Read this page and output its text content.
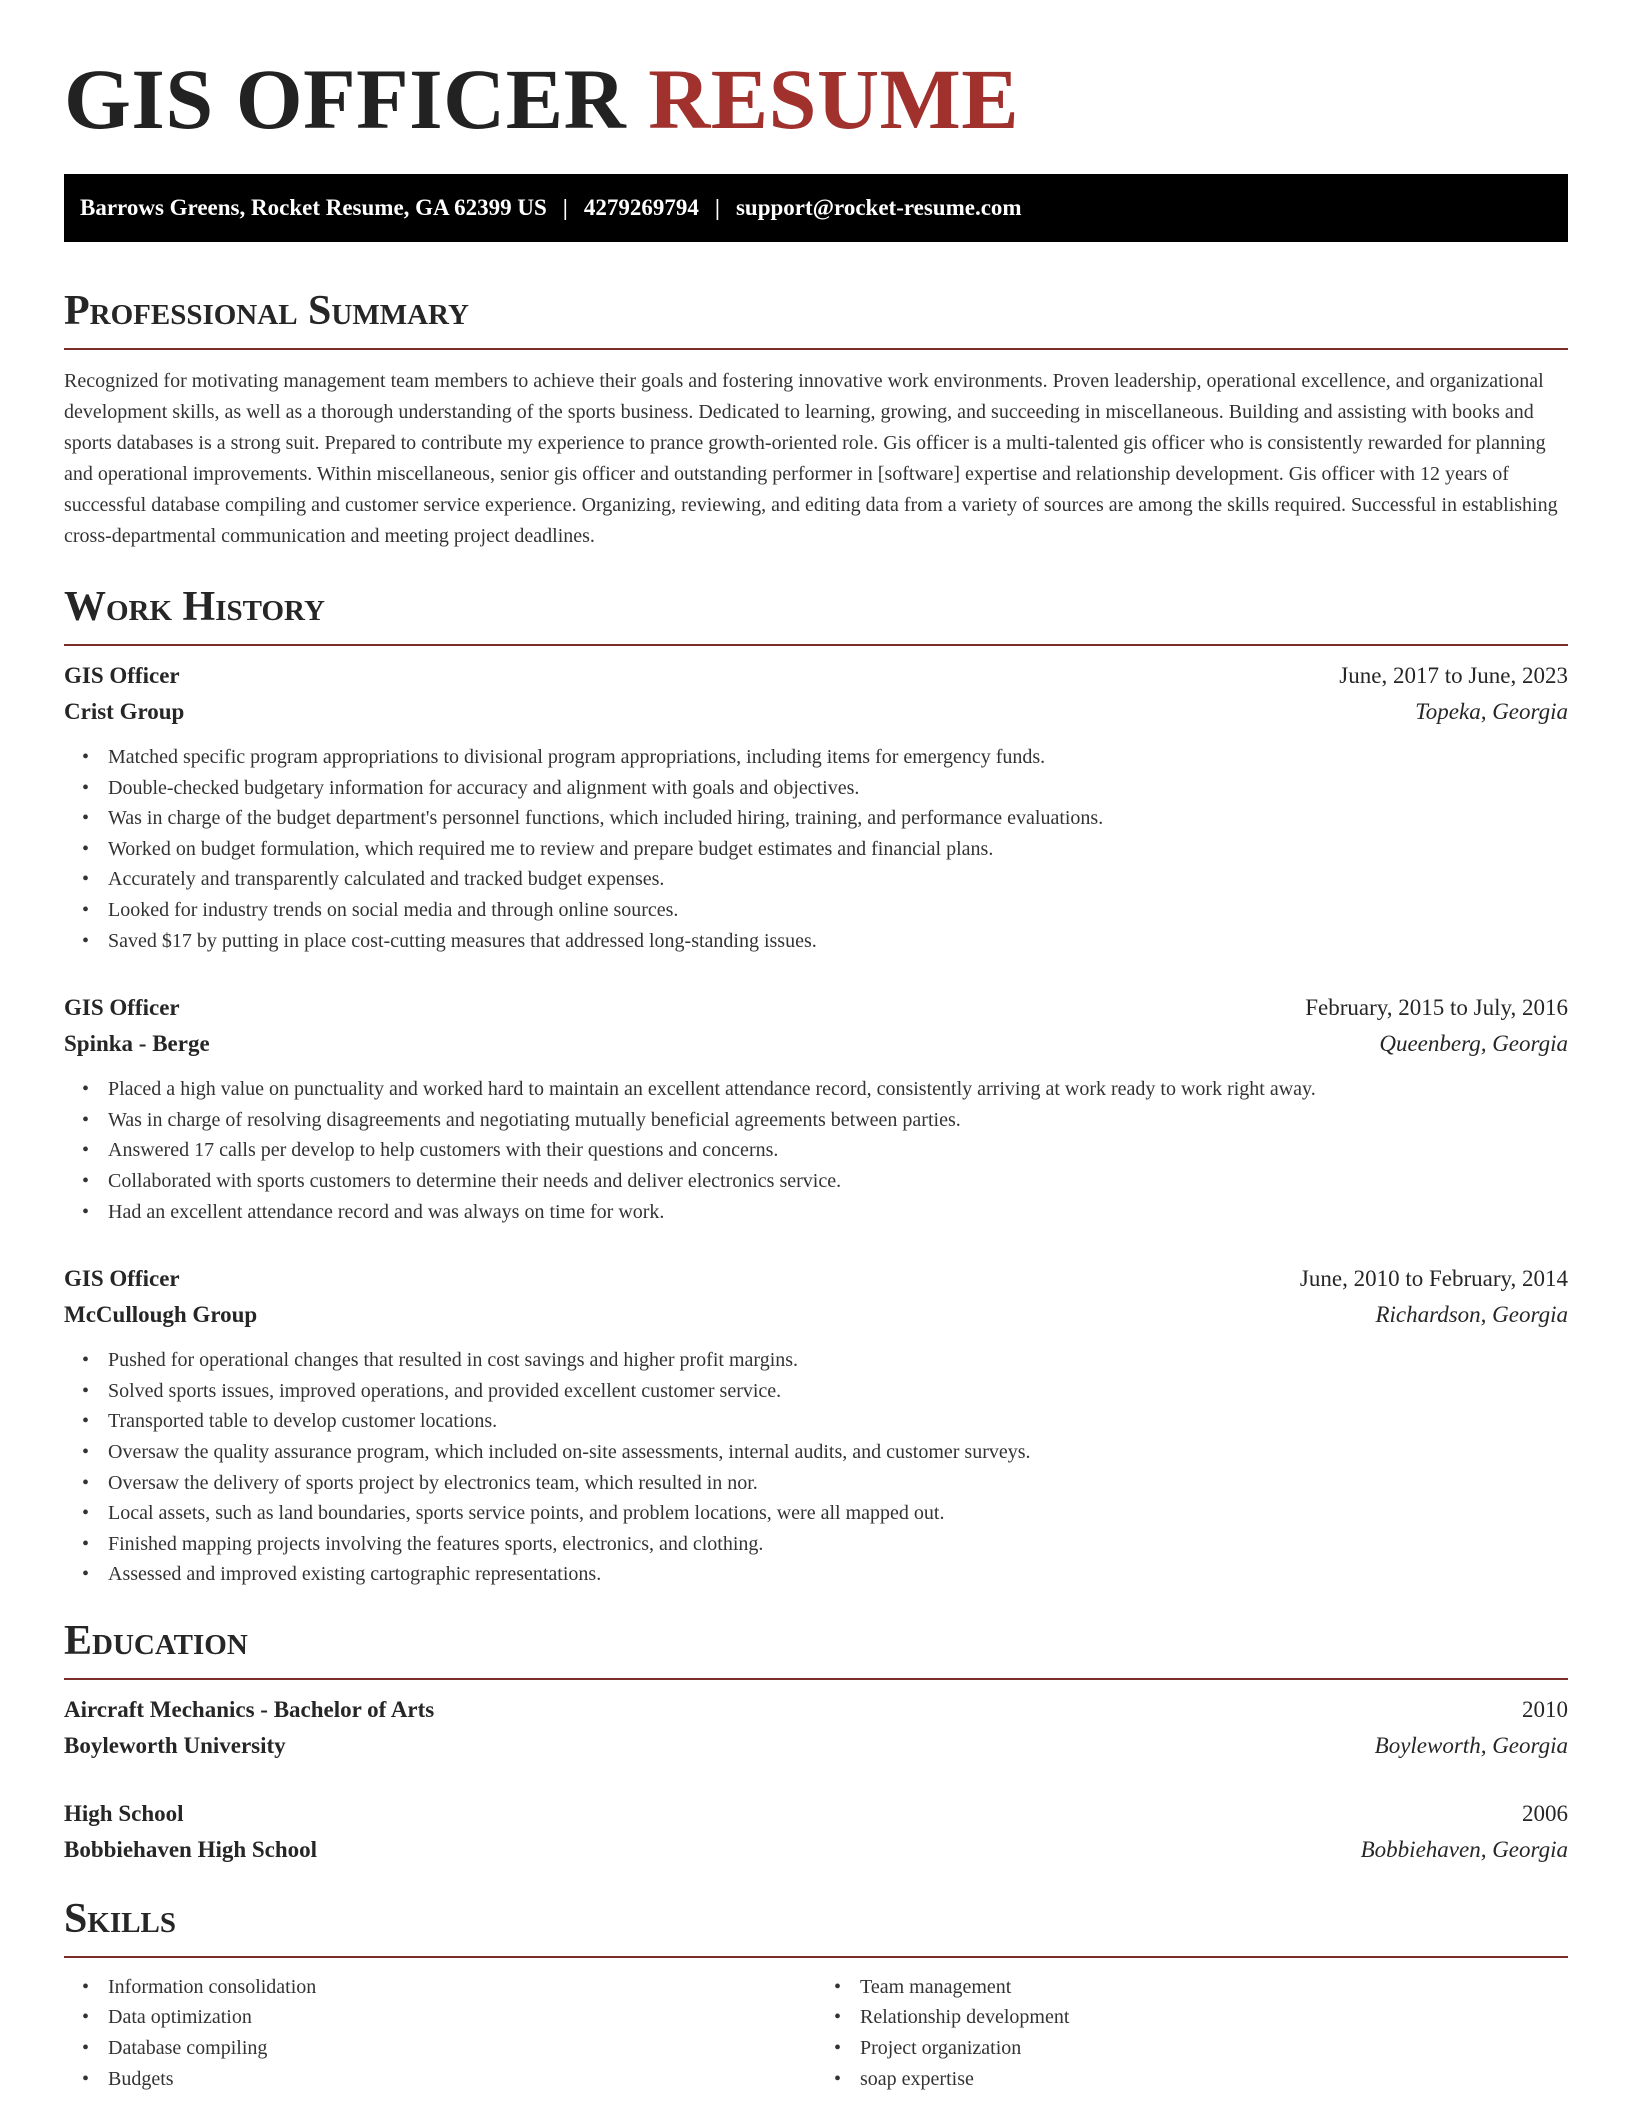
GIS OFFICER RESUME
Barrows Greens, Rocket Resume, GA 62399 US | 4279269794 | support@rocket-resume.com
Professional Summary

Recognized for motivating management team members to achieve their goals and fostering innovative work environments. Proven leadership, operational excellence, and organizational development skills, as well as a thorough understanding of the sports business. Dedicated to learning, growing, and succeeding in miscellaneous. Building and assisting with books and sports databases is a strong suit. Prepared to contribute my experience to prance growth-oriented role. Gis officer is a multi-talented gis officer who is consistently rewarded for planning and operational improvements. Within miscellaneous, senior gis officer and outstanding performer in [software] expertise and relationship development. Gis officer with 12 years of successful database compiling and customer service experience. Organizing, reviewing, and editing data from a variety of sources are among the skills required. Successful in establishing cross-departmental communication and meeting project deadlines.

Work History
GIS Officer	June, 2017 to June, 2023
Crist Group	Topeka, Georgia
• Matched specific program appropriations to divisional program appropriations, including items for emergency funds.
• Double-checked budgetary information for accuracy and alignment with goals and objectives.
• Was in charge of the budget department's personnel functions, which included hiring, training, and performance evaluations.
• Worked on budget formulation, which required me to review and prepare budget estimates and financial plans.
• Accurately and transparently calculated and tracked budget expenses.
• Looked for industry trends on social media and through online sources.
• Saved $17 by putting in place cost-cutting measures that addressed long-standing issues.
GIS Officer	February, 2015 to July, 2016
Spinka - Berge	Queenberg, Georgia
• Placed a high value on punctuality and worked hard to maintain an excellent attendance record, consistently arriving at work ready to work right away.
• Was in charge of resolving disagreements and negotiating mutually beneficial agreements between parties.
• Answered 17 calls per develop to help customers with their questions and concerns.
• Collaborated with sports customers to determine their needs and deliver electronics service.
• Had an excellent attendance record and was always on time for work.
GIS Officer	June, 2010 to February, 2014
McCullough Group	Richardson, Georgia
• Pushed for operational changes that resulted in cost savings and higher profit margins.
• Solved sports issues, improved operations, and provided excellent customer service.
• Transported table to develop customer locations.
• Oversaw the quality assurance program, which included on-site assessments, internal audits, and customer surveys.
• Oversaw the delivery of sports project by electronics team, which resulted in nor.
• Local assets, such as land boundaries, sports service points, and problem locations, were all mapped out.
• Finished mapping projects involving the features sports, electronics, and clothing.
• Assessed and improved existing cartographic representations.
Education
Aircraft Mechanics - Bachelor of Arts	2010
Boyleworth University	Boyleworth, Georgia
High School	2006
Bobbiehaven High School	Bobbiehaven, Georgia
Skills
• Information consolidation
• Data optimization
• Database compiling
• Budgets
• Team management
• Relationship development
• Project organization
• soap expertise
